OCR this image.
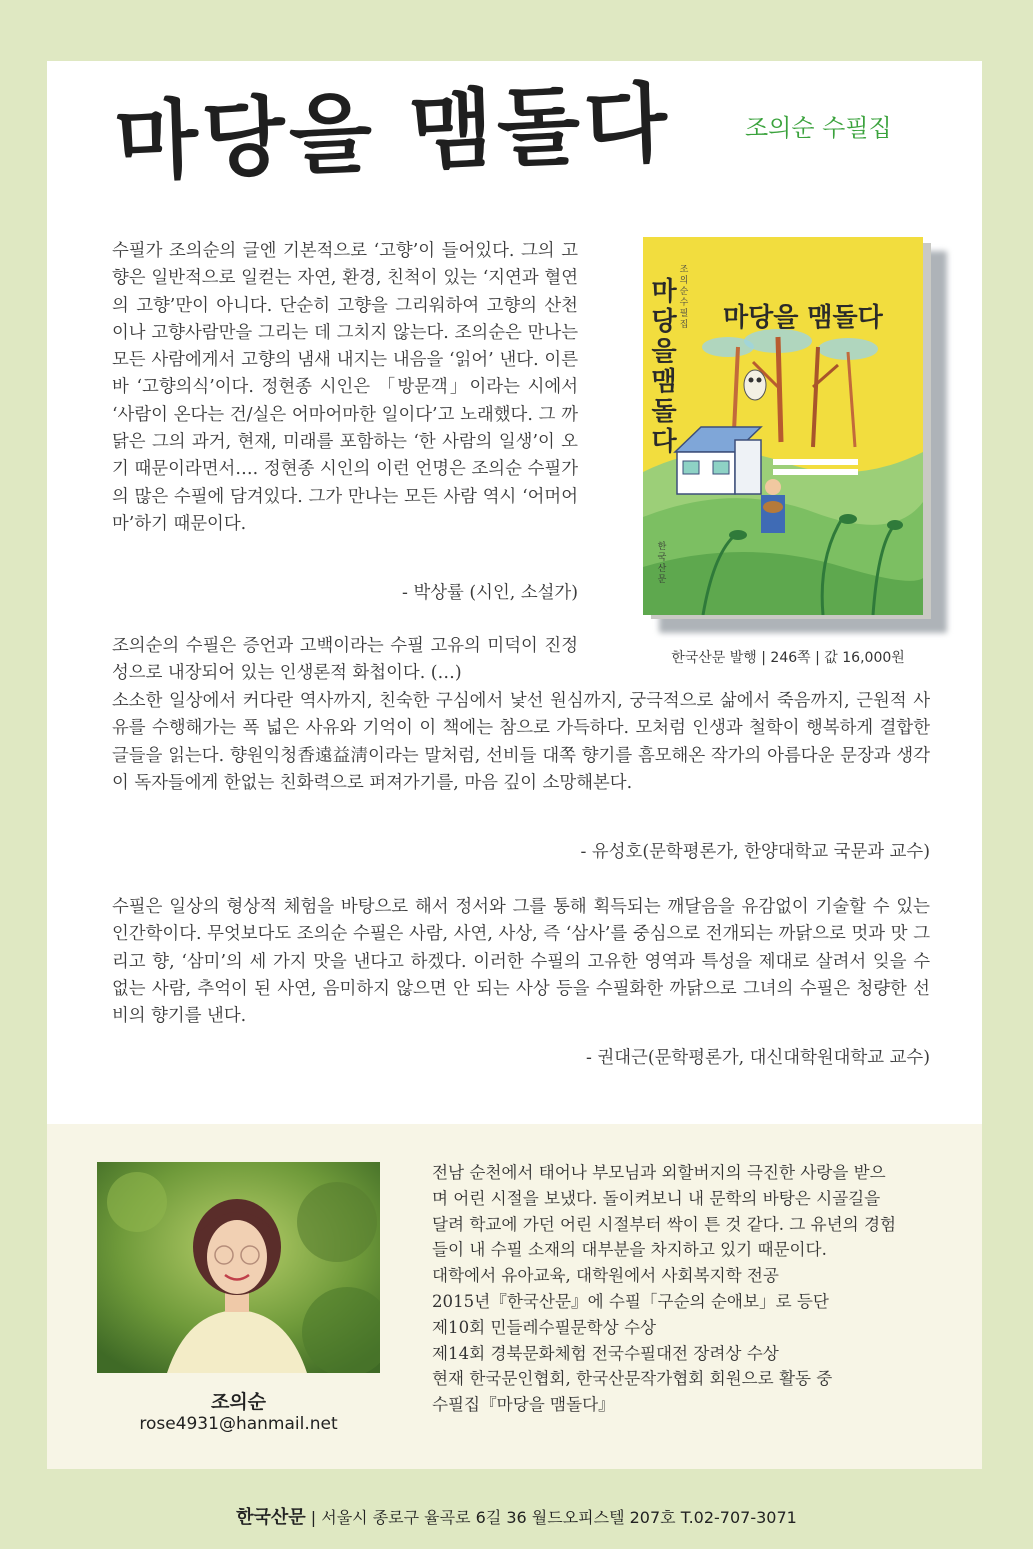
마당을 맴돌다	조의순 수필집

수필가 조의순의 글엔 기본적으로 ‘고향’이 들어있다. 그의 고향은 일반적으로 일컫는 자연, 환경, 친척이 있는 ‘지연과 혈연의 고향’만이 아니다. 단순히 고향을 그리워하여 고향의 산천이나 고향사람만을 그리는 데 그치지 않는다. 조의순은 만나는 모든 사람에게서 고향의 냄새 내지는 내음을 ‘읽어’ 낸다. 이른바 ‘고향의식’이다. 정현종 시인은 「방문객」이라는 시에서 ‘사람이 온다는 건/실은 어마어마한 일이다’고 노래했다. 그 까닭은 그의 과거, 현재, 미래를 포함하는 ‘한 사람의 일생’이 오기 때문이라면서…. 정현종 시인의 이런 언명은 조의순 수필가의 많은 수필에 담겨있다. 그가 만나는 모든 사람 역시 ‘어머어마’하기 때문이다.

- 박상률 (시인, 소설가)

조의순의 수필은 증언과 고백이라는 수필 고유의 미덕이 진정성으로 내장되어 있는 인생론적 화첩이다. (…)

소소한 일상에서 커다란 역사까지, 친숙한 구심에서 낯선 원심까지, 궁극적으로 삶에서 죽음까지, 근원적 사유를 수행해가는 폭 넓은 사유와 기억이 이 책에는 참으로 가득하다. 모처럼 인생과 철학이 행복하게 결합한 글들을 읽는다. 향원익청香遠益淸이라는 말처럼, 선비들 대쪽 향기를 흠모해온 작가의 아름다운 문장과 생각이 독자들에게 한없는 친화력으로 퍼져가기를, 마음 깊이 소망해본다.

- 유성호(문학평론가, 한양대학교 국문과 교수)

수필은 일상의 형상적 체험을 바탕으로 해서 정서와 그를 통해 획득되는 깨달음을 유감없이 기술할 수 있는 인간학이다. 무엇보다도 조의순 수필은 사람, 사연, 사상, 즉 ‘삼사’를 중심으로 전개되는 까닭으로 멋과 맛 그리고 향, ‘삼미’의 세 가지 맛을 낸다고 하겠다. 이러한 수필의 고유한 영역과 특성을 제대로 살려서 잊을 수 없는 사람, 추억이 된 사연, 음미하지 않으면 안 되는 사상 등을 수필화한 까닭으로 그녀의 수필은 청량한 선비의 향기를 낸다.

- 권대근(문학평론가, 대신대학원대학교 교수)
조의순 수필집
마당을 맴돌다
마당을 맴돌다
한국산문
한국산문 발행 | 246쪽 | 값 16,000원
조의순
rose4931@hanmail.net
전남 순천에서 태어나 부모님과 외할버지의 극진한 사랑을 받으
며 어린 시절을 보냈다. 돌이켜보니 내 문학의 바탕은 시골길을
달려 학교에 가던 어린 시절부터 싹이 튼 것 같다. 그 유년의 경험
들이 내 수필 소재의 대부분을 차지하고 있기 때문이다.
대학에서 유아교육, 대학원에서 사회복지학 전공
2015년『한국산문』에 수필「구순의 순애보」로 등단
제10회 민들레수필문학상 수상
제14회 경북문화체험 전국수필대전 장려상 수상
현재 한국문인협회, 한국산문작가협회 회원으로 활동 중
수필집『마당을 맴돌다』
한국산문 | 서울시 종로구 율곡로 6길 36 월드오피스텔 207호 T.02-707-3071
